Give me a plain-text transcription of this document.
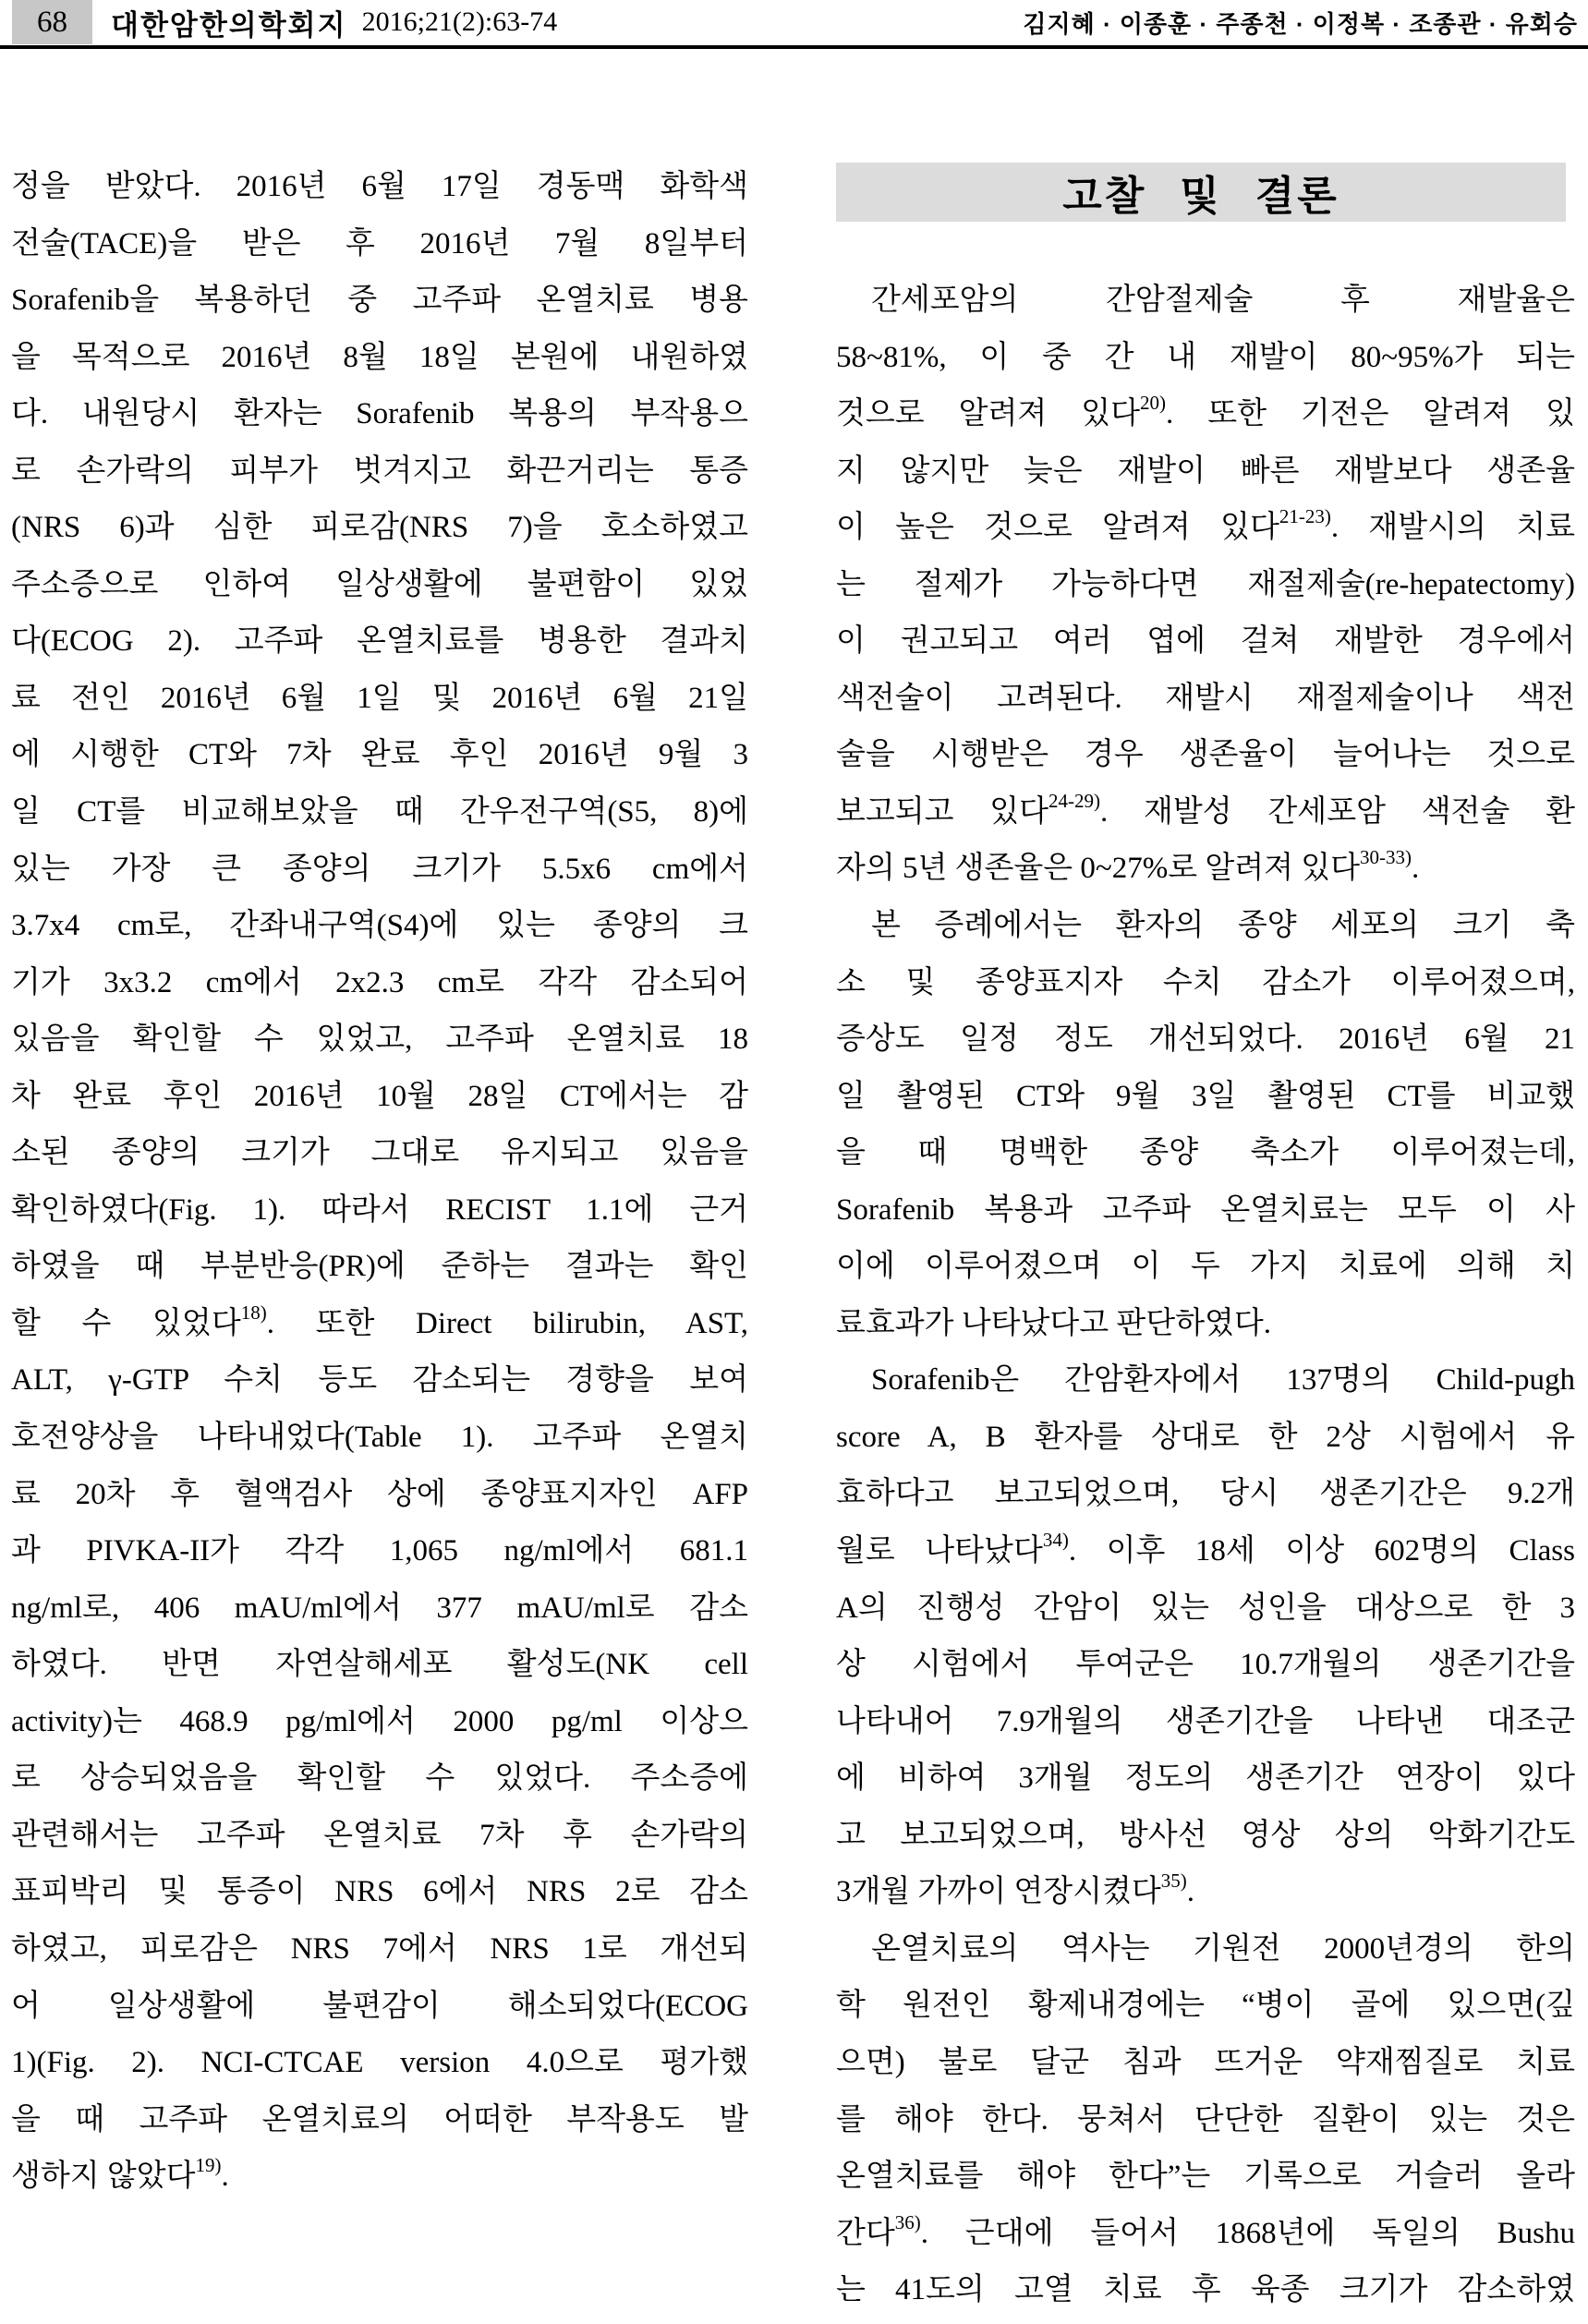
68 대한암한의학회지 2016;21(2):63-74	김지혜 · 이종훈 · 주종천 · 이정복 · 조종관 · 유회승
정을 받았다. 2016년 6월 17일 경동맥 화학색
전술(TACE)을 받은 후 2016년 7월 8일부터
Sorafenib을 복용하던 중 고주파 온열치료 병용
을 목적으로 2016년 8월 18일 본원에 내원하였
다. 내원당시 환자는 Sorafenib 복용의 부작용으
로 손가락의 피부가 벗겨지고 화끈거리는 통증
(NRS 6)과 심한 피로감(NRS 7)을 호소하였고
주소증으로 인하여 일상생활에 불편함이 있었
다(ECOG 2). 고주파 온열치료를 병용한 결과치
료 전인 2016년 6월 1일 및 2016년 6월 21일
에 시행한 CT와 7차 완료 후인 2016년 9월 3
일 CT를 비교해보았을 때 간우전구역(S5, 8)에
있는 가장 큰 종양의 크기가 5.5x6 cm에서
3.7x4 cm로, 간좌내구역(S4)에 있는 종양의 크
기가 3x3.2 cm에서 2x2.3 cm로 각각 감소되어
있음을 확인할 수 있었고, 고주파 온열치료 18
차 완료 후인 2016년 10월 28일 CT에서는 감
소된 종양의 크기가 그대로 유지되고 있음을
확인하였다(Fig. 1). 따라서 RECIST 1.1에 근거
하였을 때 부분반응(PR)에 준하는 결과는 확인
할 수 있었다$^{18)}$. 또한 Direct bilirubin, AST,
ALT, γ-GTP 수치 등도 감소되는 경향을 보여
호전양상을 나타내었다(Table 1). 고주파 온열치
료 20차 후 혈액검사 상에 종양표지자인 AFP
과 PIVKA-II가 각각 1,065 ng/ml에서 681.1
ng/ml로, 406 mAU/ml에서 377 mAU/ml로 감소
하였다. 반면 자연살해세포 활성도(NK cell
activity)는 468.9 pg/ml에서 2000 pg/ml 이상으
로 상승되었음을 확인할 수 있었다. 주소증에
관련해서는 고주파 온열치료 7차 후 손가락의
표피박리 및 통증이 NRS 6에서 NRS 2로 감소
하였고, 피로감은 NRS 7에서 NRS 1로 개선되
어 일상생활에 불편감이 해소되었다(ECOG
1)(Fig. 2). NCI-CTCAE version 4.0으로 평가했
을 때 고주파 온열치료의 어떠한 부작용도 발
생하지 않았다$^{19)}$.
고찰 및 결론
간세포암의 간암절제술 후 재발율은
58~81%, 이 중 간 내 재발이 80~95%가 되는
것으로 알려져 있다$^{20)}$. 또한 기전은 알려져 있
지 않지만 늦은 재발이 빠른 재발보다 생존율
이 높은 것으로 알려져 있다$^{21-23)}$. 재발시의 치료
는 절제가 가능하다면 재절제술(re-hepatectomy)
이 권고되고 여러 엽에 걸쳐 재발한 경우에서
색전술이 고려된다. 재발시 재절제술이나 색전
술을 시행받은 경우 생존율이 늘어나는 것으로
보고되고 있다$^{24-29)}$. 재발성 간세포암 색전술 환
자의 5년 생존율은 0~27%로 알려져 있다$^{30-33)}$.
본 증례에서는 환자의 종양 세포의 크기 축
소 및 종양표지자 수치 감소가 이루어졌으며,
증상도 일정 정도 개선되었다. 2016년 6월 21
일 촬영된 CT와 9월 3일 촬영된 CT를 비교했
을 때 명백한 종양 축소가 이루어졌는데,
Sorafenib 복용과 고주파 온열치료는 모두 이 사
이에 이루어졌으며 이 두 가지 치료에 의해 치
료효과가 나타났다고 판단하였다.
Sorafenib은 간암환자에서 137명의 Child-pugh
score A, B 환자를 상대로 한 2상 시험에서 유
효하다고 보고되었으며, 당시 생존기간은 9.2개
월로 나타났다$^{34)}$. 이후 18세 이상 602명의 Class
A의 진행성 간암이 있는 성인을 대상으로 한 3
상 시험에서 투여군은 10.7개월의 생존기간을
나타내어 7.9개월의 생존기간을 나타낸 대조군
에 비하여 3개월 정도의 생존기간 연장이 있다
고 보고되었으며, 방사선 영상 상의 악화기간도
3개월 가까이 연장시켰다$^{35)}$.
온열치료의 역사는 기원전 2000년경의 한의
학 원전인 황제내경에는 “병이 골에 있으면(깊
으면) 불로 달군 침과 뜨거운 약재찜질로 치료
를 해야 한다. 뭉쳐서 단단한 질환이 있는 것은
온열치료를 해야 한다”는 기록으로 거슬러 올라
간다$^{36)}$. 근대에 들어서 1868년에 독일의 Bushu
는 41도의 고열 치료 후 육종 크기가 감소하였
